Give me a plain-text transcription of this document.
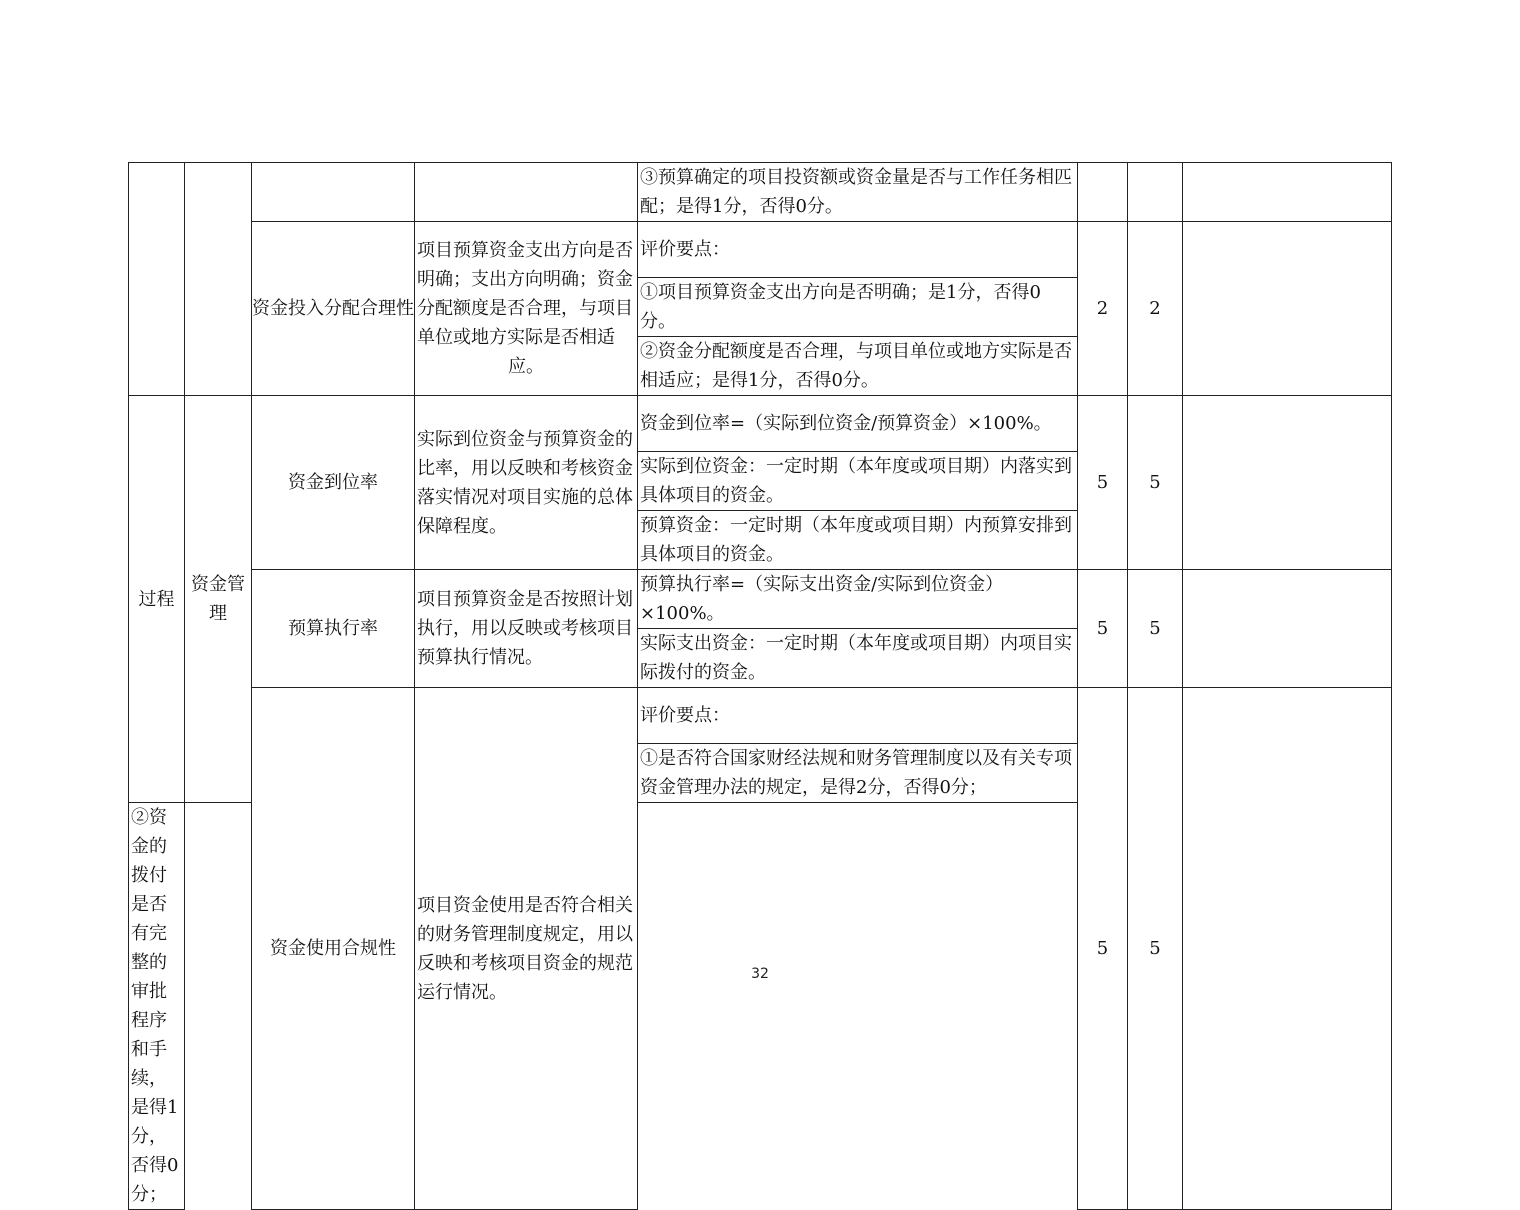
				③预算确定的项目投资额或资金量是否与工作任务相匹配；是得1分，否得0分。			
		资金投入分配合理性	项目预算资金支出方向是否明确；支出方向明确；资金分配额度是否合理，与项目单位或地方实际是否相适应。	评价要点：	2	2	
				①项目预算资金支出方向是否明确；是1分，否得0分。			
				②资金分配额度是否合理，与项目单位或地方实际是否相适应；是得1分，否得0分。			
过程	资金管理	资金到位率	实际到位资金与预算资金的比率，用以反映和考核资金落实情况对项目实施的总体保障程度。	资金到位率=（实际到位资金/预算资金）×100%。	5	5	
				实际到位资金：一定时期（本年度或项目期）内落实到具体项目的资金。			
				预算资金：一定时期（本年度或项目期）内预算安排到具体项目的资金。			
		预算执行率	项目预算资金是否按照计划执行，用以反映或考核项目预算执行情况。	预算执行率=（实际支出资金/实际到位资金）×100%。	5	5	
				实际支出资金：一定时期（本年度或项目期）内项目实际拨付的资金。			
		资金使用合规性	项目资金使用是否符合相关的财务管理制度规定，用以反映和考核项目资金的规范运行情况。	评价要点：	5	5	
				①是否符合国家财经法规和财务管理制度以及有关专项资金管理办法的规定，是得2分，否得0分；			
②资金的拨付是否有完整的审批程序和手续，是得1分，否得0分；							
32
